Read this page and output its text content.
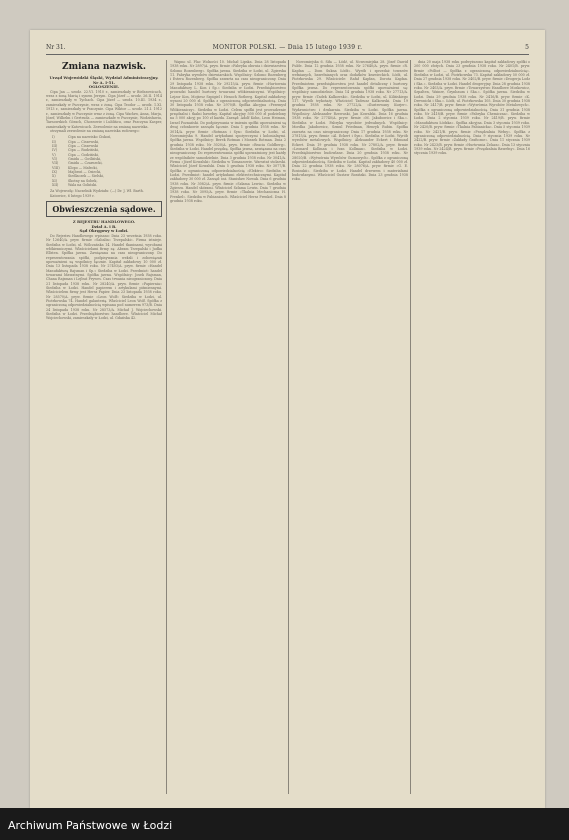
Nr 31.	MONITOR POLSKI. — Dnia 15 lutego 1939 r.	5
Zmiana nazwisk.

Urząd Wojewódzki Śląski, Wydział Administracyjny.

Nr A. I-51.

OGŁOSZENIE.

Cipa Jan — urodz. 22.VI. 1910 r., zamieszkały w Bielszowicach, wraz z żoną Marią i synem Jerzym. Cipa Józef — urodz. 26.II. 1914 r., zamieszkały w Tychach. Cipa Józef — urodz. 10.III. 1934 r., zamieszkały w Pszczynie, wraz z żoną. Cipa Teodor — urodz. 1.XI. 1913 r., zamieszkały w Pszczynie. Cipa Wiktor — urodz. 21.I. 1912 r., zamieszkały w Pszczynie wraz z żoną. Cipa Wacław, Anna, Marja, Józef, Wilhelm i Gertruda — zamieszkałe w Pszczynie, Wodzisławiu, Tarnowskich Górach, Chorzowie i Lublińcu, oraz Pszczyna Kasper, zamieszkały w Katowicach. Zezwolenie na zmianę nazwiska.

otrzymali zezwolenie na zmianę nazwiska rodowego:

I)	Cipa na nazwisko Ciskoń,
II)	Cipa — Ciszewski,
III)	Cipa — Ciszewski
IV)	Cipa — Rudziński,
V)	Cipa — Godziński,
VI)	Gmida — Gośliński,
VII)	Gmida — Czarnecki,
VIII)	Klopo — Małecki,
IX)	Majbroń — Osiecki,
X)	Siedlaczek — Sielski,
XI)	Skotny na Sobek,
XII)	Wala na Goliński.

Za Wojewodę: Naczelnik Wydziału: (—) Dr. J. Wł. Barth.

Katowice, 6 lutego 1939 r.

Obwieszczenia sądowe.

Z REJESTRU HANDLOWEGO.

Dział A. i B.

Sąd Okręgowy w Łodzi.

Do Rejestru Handlowego wpisano: Dnia 23 września 1938 roku. Nr 12640/A. pryw. firmie »Sabalin« Trzepalski«. Firma istnieje. Siedziba w Łodzi, ul. Wólczańska 14. Handel tkaninami, wyrobami włókienniczymi. Właścicielami firmy są: Abram Trzepalski i Judka Ellsten. Spółka jawna. Zawiązana na czas nieograniczony. Do reprezentowania spółki, podpisywania weksli i zobowiązań upoważnieni są wspólnicy łącznie. Kapitał zakładowy 10 000 zł. Dnia 13 listopada 1938 roku. Nr 27403/A. pryw. firmie »Handel Manufakturą Rajsman i Sp.« Siedziba w Łodzi. Przedmiot: handel towarami bławatnymi. Spółka jawna. Wspólnicy: Josek Rajsman, Chana Rajsman i Lejbuś Prywes. Czas trwania nieograniczony. Dnia 21 listopada 1938 roku. Nr 28240/A. pryw. firmie »Papiernia« Siedziba w Łodzi. Handel papierem i artykułami piśmiennymi. Właścicielem firmy jest Hersz Papier. Dnia 23 listopada 1938 roku. Nr 28570/A. pryw. firmie »Leon Wolf« Siedziba w Łodzi, ul. Piotrkowska 74. Handel galanterią. Właściciel Leon Wolf. Spółka z ograniczoną odpowiedzialnością wpisana pod numerem 973/B. Dnia 24 listopada 1938 roku. Nr 28573/A. Michał J. Wojciechowski. Siedziba w Łodzi. Przedsiębiorstwo handlowe. Właściciel Michał Wojciechowski, zamieszkały w Łodzi, ul. Gdańska 42.

Wapno ul. Plac Wolności 10. Michał Lipska. Dnia 28 listopada 1938 roku. Nr 2897/A. pryw. firmie »Fabryka obuwia i dziewiarstwa Szlomo Rozenberg«. Spółka jawna. Siedziba w Łodzi, ul. Zgierska 11. Fabryka wyrobów dziewiarskich. Wspólnicy: Szlomo Rozenberg i Estera Rozenberg. Spółka zawarta na czas nieograniczony. Dnia 29 listopada 1938 roku. Nr 29215/A. pryw. firmie »Hurtownia Manufaktury L. Kon i Sp.« Siedziba w Łodzi. Przedsiębiorstwo prowadzi handel hurtowy towarami włókienniczymi. Wspólnicy: Lejzor Kon, Mojżesz Szpigiel i Henoch Rotberg. Kapitał zakładowy wynosi 20 000 zł. Spółka z ograniczoną odpowiedzialnością. Dnia 30 listopada 1938 roku. Nr 2970/B. Spółka Akcyjna »Przemysł Włókienniczy«. Siedziba w Łodzi. Celem spółki jest prowadzenie przędzalni i tkalni bawełny. Kapitał akcyjny 500 000 zł podzielony na 5 000 akcyj po 100 zł każda. Zarząd: Adolf Kohn, Leon Heiman, Izrael Poznański. Do podpisywania w imieniu spółki upoważnieni są dwaj członkowie zarządu łącznie. Dnia 1 grudnia 1938 roku. Nr 3014/A. pryw. firmie »Rotman i Syn« Siedziba w Łodzi, ul. Nowomiejska 9. Handel artykułami spożywczymi i kolonialnymi. Spółka jawna. Wspólnicy: Berek Rotman i Moszek Rotman. Dnia 2 grudnia 1938 roku. Nr 3020/A. pryw. firmie »Bracia Goldberg«. Siedziba w Łodzi. Handel przędzą. Spółka jawna, zawiązana na czas nieograniczony. Do reprezentowania spółki upoważniony jest każdy ze wspólników samodzielnie. Dnia 3 grudnia 1938 roku. Nr 3041/A. Firma »Józef Kowalski« Siedziba w Tomaszowie. Warsztat stolarski. Właściciel Józef Kowalski. Dnia 5 grudnia 1938 roku. Nr 3077/B. Spółka z ograniczoną odpowiedzialnością »Elektro« Siedziba w Łodzi. Przedmiot: handel artykułami elektrotechnicznymi. Kapitał zakładowy 30 000 zł. Zarząd: inż. Stanisław Nowak. Dnia 6 grudnia 1938 roku. Nr 3082/A. pryw. firmie »Szlama Lewin«. Siedziba w Zgierzu. Handel skórami. Właściciel Szlama Lewin. Dnia 7 grudnia 1938 roku. Nr 3095/A. pryw. firmie »Tkalnia Mechaniczna H. Frenkel«. Siedziba w Pabianicach. Właściciel Hersz Frenkel. Dnia 8 grudnia 1938 roku.

Nowomiejska 6. Siła — Łódź, ul. Nowomiejska 28. Józef Dawid Fulde. Dnia 12 grudnia 1938 roku. Nr 27640/A. pryw. firmie »R. Kapłan — Dom Sukna Łódź«. Wyrób i sprzedaż towarów wełnianych, bawełnianych oraz dodatków krawieckich. Łódź, ul. Piotrkowska 29. Właściciele: Rafał Kapłan, Dorota Kapłan. Przedmiotem przedsiębiorstwa jest handel detaliczny i hurtowy. Spółka jawna. Do reprezentowania spółki upoważnieni są: wspólnicy samodzielnie. Dnia 14 grudnia 1938 roku. Nr 27713/A. pryw. firmie »Tadek Kalkowski«. Siedziba w Łodzi, ul. Kilińskiego 117. Wyrób trykotaży. Właściciel Tadeusz Kalkowski. Dnia 19 grudnia 1938 roku. Nr 27722/A. »Ilustrowany Kurjer«. Wydawnictwo i drukarnia. Siedziba w Łodzi. Spółka jawna. Wspólnicy: Aleksander Rzewuski, Jan Kowalski. Dnia 16 grudnia 1938 roku. Nr 27740/A. pryw. firmie »M. Jakubowicz i Ska.«. Siedziba w Łodzi. Fabryka wyrobów jedwabnych. Wspólnicy: Mordka Jakubowicz, Szmul Friedman, Henryk Rubin. Spółka zawarta na czas nieograniczony. Dnia 17 grudnia 1938 roku. Nr 27815/A. pryw. firmie »Al. Eckert i Syn«. Siedziba w Łodzi. Wyrób wyrobów metalowych. Wspólnicy: Aleksander Eckert i Edmund Eckert. Dnia 19 grudnia 1938 roku. Nr 27802/A. pryw. firmie »Leonard Kollman i Ivan Kollman«. Siedziba w Łodzi. Przedsiębiorstwo budowlane. Dnia 20 grudnia 1938 roku. Nr 28020/B. »Wytwórnia Wyrobów Gumowych«. Spółka z ograniczoną odpowiedzialnością. Siedziba w Łodzi. Kapitał zakładowy 40 000 zł. Dnia 22 grudnia 1938 roku. Nr 28076/A. pryw. firmie »G. E. Rosinskii«. Siedziba w Łodzi. Handel drzewem i materiałami budowlanymi. Właściciel Gustaw Rosiński. Dnia 23 grudnia 1938 roku.

dnia 20 maja 1938 roku podwyższono kapitał zakładowy spółki o 200 000 złotych. Dnia 23 grudnia 1938 roku. Nr 2401/B. pryw. firmie »Polbot — Spółka z ograniczoną odpowiedzialnością«. Siedziba w Łodzi, ul. Piotrkowska 73. Kapitał zakładowy 50 000 zł. Dnia 27 grudnia 1938 roku. Nr 2402/B. pryw. firmie »Drogerja Lodz i Ska.«. Siedziba w Łodzi. Handel drogeryjny. Dnia 28 grudnia 1938 roku. Nr 2403/A. pryw. firmie »Towarzystwo Handlowe Moskowicz, Szpalten, Wainer, Grynbaum i Ska.«. Spółka jawna. Siedziba w Łodzi. Dnia 29 grudnia 1938 roku. Nr 2416/B. pryw. firmie »K. Drewnicki i Ska.«. Łódź, ul. Piotrkowska 105. Dnia 30 grudnia 1938 roku. Nr 2417/B. pryw. firmie »Wytwórnia Wyrobów Metalowych«. Spółka z ograniczoną odpowiedzialnością. Dnia 31 grudnia 1938 roku. Nr 2418/B. pryw. firmie »Fabryka Chemiczna«. Siedziba w Łodzi. Dnia 2 stycznia 1939 roku. Nr 2419/B. pryw. firmie »Manufaktura Łódzka«. Spółka akcyjna. Dnia 3 stycznia 1939 roku. Nr 2420/B. pryw. firmie »Tkalnia Pabianicka«. Dnia 5 stycznia 1939 roku. Nr 2421/B. pryw. firmie »Przędzalnia Wełny«. Spółka z ograniczoną odpowiedzialnością. Dnia 9 stycznia 1939 roku. Nr 2422/B. pryw. firmie »Zakłady Graficzne«. Dnia 11 stycznia 1939 roku. Nr 2423/B. pryw. firmie »Hurtownia Żelaza«. Dnia 13 stycznia 1939 roku. Nr 2424/B. pryw. firmie »Przędzalnia Bawełny«. Dnia 16 stycznia 1939 roku.

Archiwum Państwowe w Łodzi
